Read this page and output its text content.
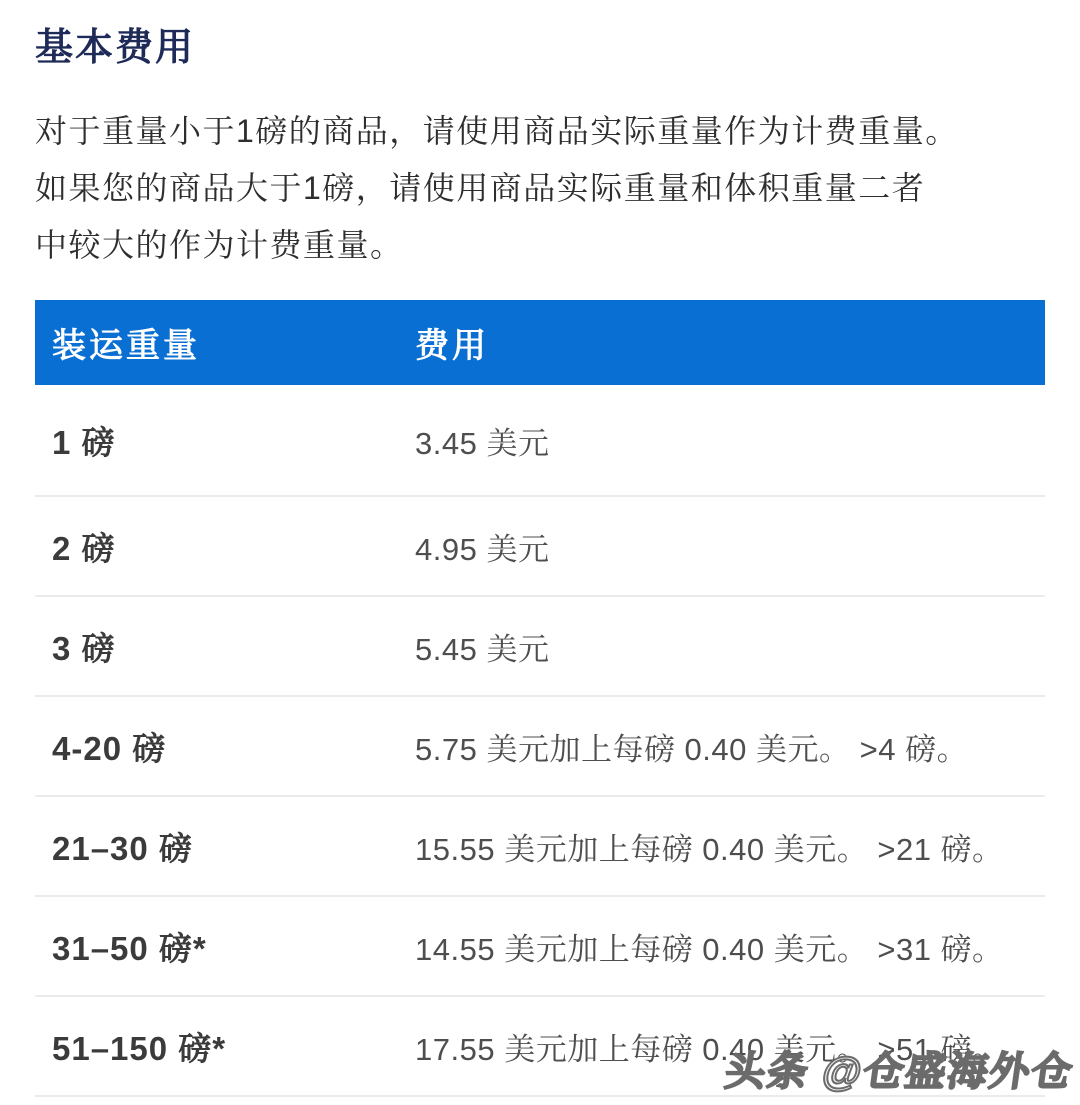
基本费用
对于重量小于1磅的商品，请使用商品实际重量作为计费重量。
如果您的商品大于1磅，请使用商品实际重量和体积重量二者
中较大的作为计费重量。
装运重量	费用
1 磅	3.45 美元
2 磅	4.95 美元
3 磅	5.45 美元
4-20 磅	5.75 美元加上每磅 0.40 美元。 >4 磅。
21–30 磅	15.55 美元加上每磅 0.40 美元。 >21 磅。
31–50 磅*	14.55 美元加上每磅 0.40 美元。 >31 磅。
51–150 磅*	17.55 美元加上每磅 0.40 美元。 >51 磅。
头条 @仓盛海外仓
